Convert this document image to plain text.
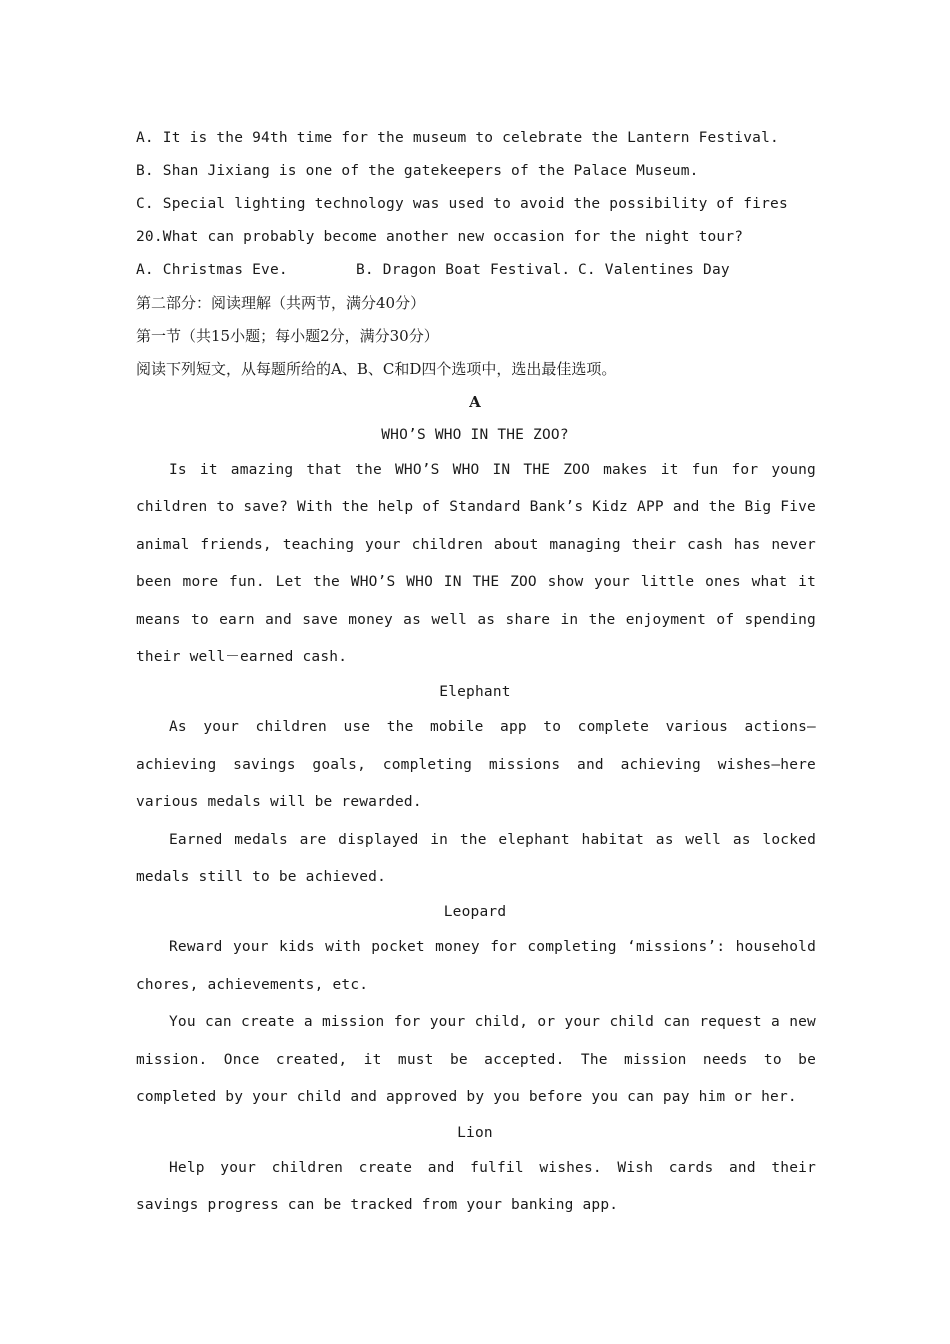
A. It is the 94th time for the museum to celebrate the Lantern Festival.
B. Shan Jixiang is one of the gatekeepers of the Palace Museum.
C. Special lighting technology was used to avoid the possibility of fires
20.What can probably become another new occasion for the night tour?
A. Christmas Eve.	B. Dragon Boat Festival. C. Valentines Day
第二部分：阅读理解（共两节，满分40分）
第一节（共15小题；每小题2分，满分30分）
阅读下列短文，从每题所给的A、B、C和D四个选项中，选出最佳选项。
A
WHO’S WHO IN THE ZOO?

Is it amazing that the WHO’S WHO IN THE ZOO makes it fun for young children to save? With the help of Standard Bank’s Kidz APP and the Big Five animal friends, teaching your children about managing their cash has never been more fun. Let the WHO’S WHO IN THE ZOO show your little ones what it means to earn and save money as well as share in the enjoyment of spending their well－earned cash.

Elephant

As your children use the mobile app to complete various actions—achieving savings goals, completing missions and achieving wishes—here various medals will be rewarded.

Earned medals are displayed in the elephant habitat as well as locked medals still to be achieved.

Leopard

Reward your kids with pocket money for completing ‘missions’: household chores, achievements, etc.

You can create a mission for your child, or your child can request a new mission. Once created, it must be accepted. The mission needs to be completed by your child and approved by you before you can pay him or her.

Lion

Help your children create and fulfil wishes. Wish cards and their savings progress can be tracked from your banking app.
